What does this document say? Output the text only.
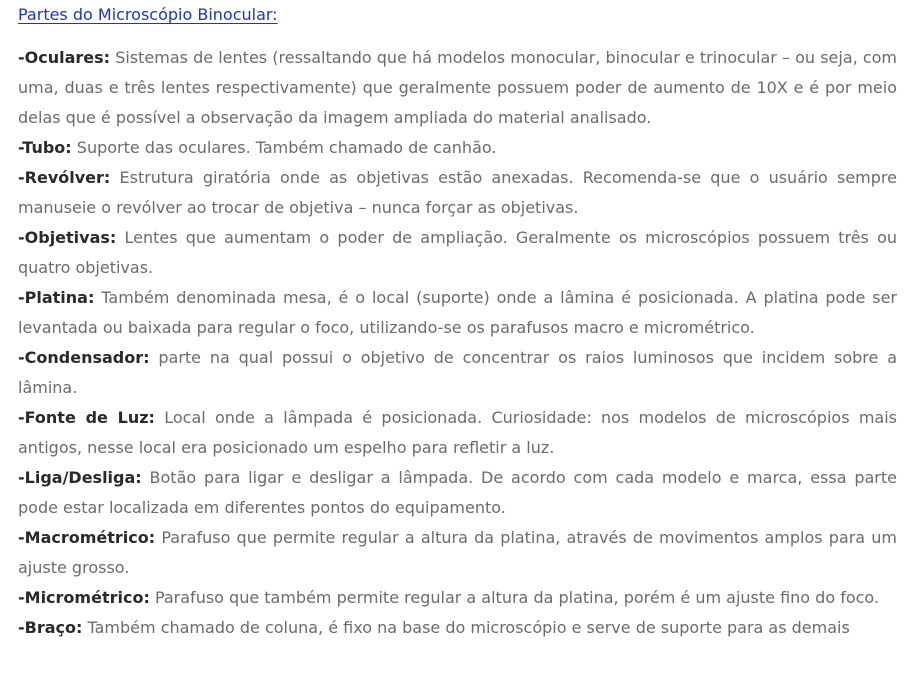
Partes do Microscópio Binocular:

-Oculares: Sistemas de lentes (ressaltando que há modelos monocular, binocular e trinocular – ou seja, com uma, duas e três lentes respectivamente) que geralmente possuem poder de aumento de 10X e é por meio delas que é possível a observação da imagem ampliada do material analisado.

-Tubo: Suporte das oculares. Também chamado de canhão.

-Revólver: Estrutura giratória onde as objetivas estão anexadas. Recomenda-se que o usuário sempre manuseie o revólver ao trocar de objetiva – nunca forçar as objetivas.

-Objetivas: Lentes que aumentam o poder de ampliação. Geralmente os microscópios possuem três ou quatro objetivas.

-Platina: Também denominada mesa, é o local (suporte) onde a lâmina é posicionada. A platina pode ser levantada ou baixada para regular o foco, utilizando-se os parafusos macro e micrométrico.

-Condensador: parte na qual possui o objetivo de concentrar os raios luminosos que incidem sobre a lâmina.

-Fonte de Luz: Local onde a lâmpada é posicionada. Curiosidade: nos modelos de microscópios mais antigos, nesse local era posicionado um espelho para refletir a luz.

-Liga/Desliga: Botão para ligar e desligar a lâmpada. De acordo com cada modelo e marca, essa parte pode estar localizada em diferentes pontos do equipamento.

-Macrométrico: Parafuso que permite regular a altura da platina, através de movimentos amplos para um ajuste grosso.

-Micrométrico: Parafuso que também permite regular a altura da platina, porém é um ajuste fino do foco.

-Braço: Também chamado de coluna, é fixo na base do microscópio e serve de suporte para as demais
